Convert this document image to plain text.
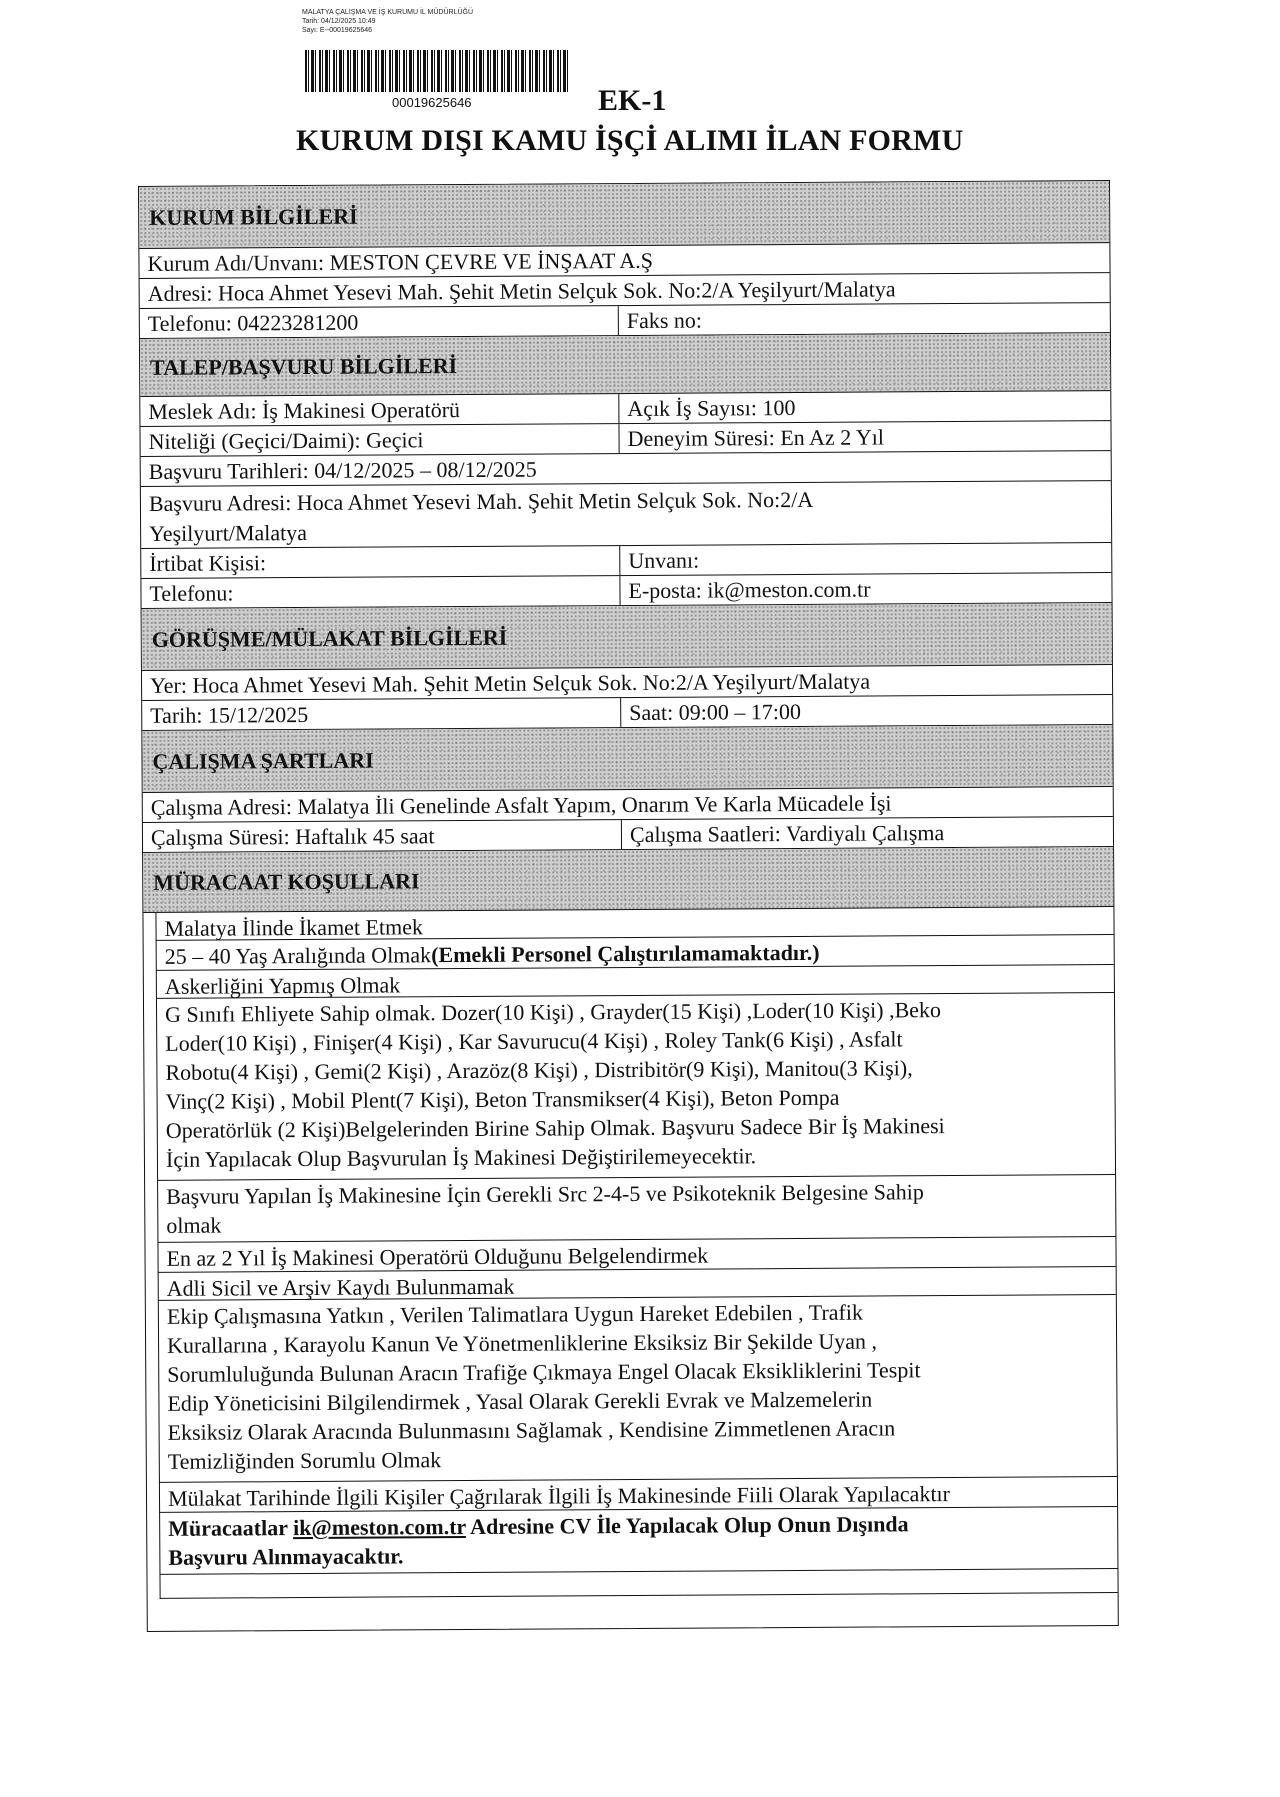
MALATYA ÇALIŞMA VE İŞ KURUMU İL MÜDÜRLÜĞÜ
Tarih: 04/12/2025 10:49
Sayı: E--00019625646
00019625646	EK-1
KURUM DIŞI KAMU İŞÇİ ALIMI İLAN FORMU
KURUM BİLGİLERİ
Kurum Adı/Unvanı: MESTON ÇEVRE VE İNŞAAT A.Ş
Adresi: Hoca Ahmet Yesevi Mah. Şehit Metin Selçuk Sok. No:2/A Yeşilyurt/Malatya
Telefonu: 04223281200	Faks no:
TALEP/BAŞVURU BİLGİLERİ
Meslek Adı: İş Makinesi Operatörü	Açık İş Sayısı: 100
Niteliği (Geçici/Daimi): Geçici	Deneyim Süresi: En Az 2 Yıl
Başvuru Tarihleri: 04/12/2025 – 08/12/2025
Başvuru Adresi: Hoca Ahmet Yesevi Mah. Şehit Metin Selçuk Sok. No:2/A
Yeşilyurt/Malatya
İrtibat Kişisi:	Unvanı:
Telefonu:	E-posta: ik@meston.com.tr
GÖRÜŞME/MÜLAKAT BİLGİLERİ
Yer: Hoca Ahmet Yesevi Mah. Şehit Metin Selçuk Sok. No:2/A Yeşilyurt/Malatya
Tarih: 15/12/2025	Saat: 09:00 – 17:00
ÇALIŞMA ŞARTLARI
Çalışma Adresi: Malatya İli Genelinde Asfalt Yapım, Onarım Ve Karla Mücadele İşi
Çalışma Süresi: Haftalık 45 saat	Çalışma Saatleri: Vardiyalı Çalışma
MÜRACAAT KOŞULLARI
Malatya İlinde İkamet Etmek
25 – 40 Yaş Aralığında Olmak(Emekli Personel Çalıştırılamamaktadır.)
Askerliğini Yapmış Olmak
G Sınıfı Ehliyete Sahip olmak. Dozer(10 Kişi) , Grayder(15 Kişi) ,Loder(10 Kişi) ,Beko
Loder(10 Kişi) , Finişer(4 Kişi) , Kar Savurucu(4 Kişi) , Roley Tank(6 Kişi) , Asfalt
Robotu(4 Kişi) , Gemi(2 Kişi) , Arazöz(8 Kişi) , Distribitör(9 Kişi), Manitou(3 Kişi),
Vinç(2 Kişi) , Mobil Plent(7 Kişi), Beton Transmikser(4 Kişi), Beton Pompa
Operatörlük (2 Kişi)Belgelerinden Birine Sahip Olmak. Başvuru Sadece Bir İş Makinesi
İçin Yapılacak Olup Başvurulan İş Makinesi Değiştirilemeyecektir.
Başvuru Yapılan İş Makinesine İçin Gerekli Src 2-4-5 ve Psikoteknik Belgesine Sahip
olmak
En az 2 Yıl İş Makinesi Operatörü Olduğunu Belgelendirmek
Adli Sicil ve Arşiv Kaydı Bulunmamak
Ekip Çalışmasına Yatkın , Verilen Talimatlara Uygun Hareket Edebilen , Trafik
Kurallarına , Karayolu Kanun Ve Yönetmenliklerine Eksiksiz Bir Şekilde Uyan ,
Sorumluluğunda Bulunan Aracın Trafiğe Çıkmaya Engel Olacak Eksikliklerini Tespit
Edip Yöneticisini Bilgilendirmek , Yasal Olarak Gerekli Evrak ve Malzemelerin
Eksiksiz Olarak Aracında Bulunmasını Sağlamak , Kendisine Zimmetlenen Aracın
Temizliğinden Sorumlu Olmak
Mülakat Tarihinde İlgili Kişiler Çağrılarak İlgili İş Makinesinde Fiili Olarak Yapılacaktır
Müracaatlar ik@meston.com.tr Adresine CV İle Yapılacak Olup Onun Dışında
Başvuru Alınmayacaktır.
